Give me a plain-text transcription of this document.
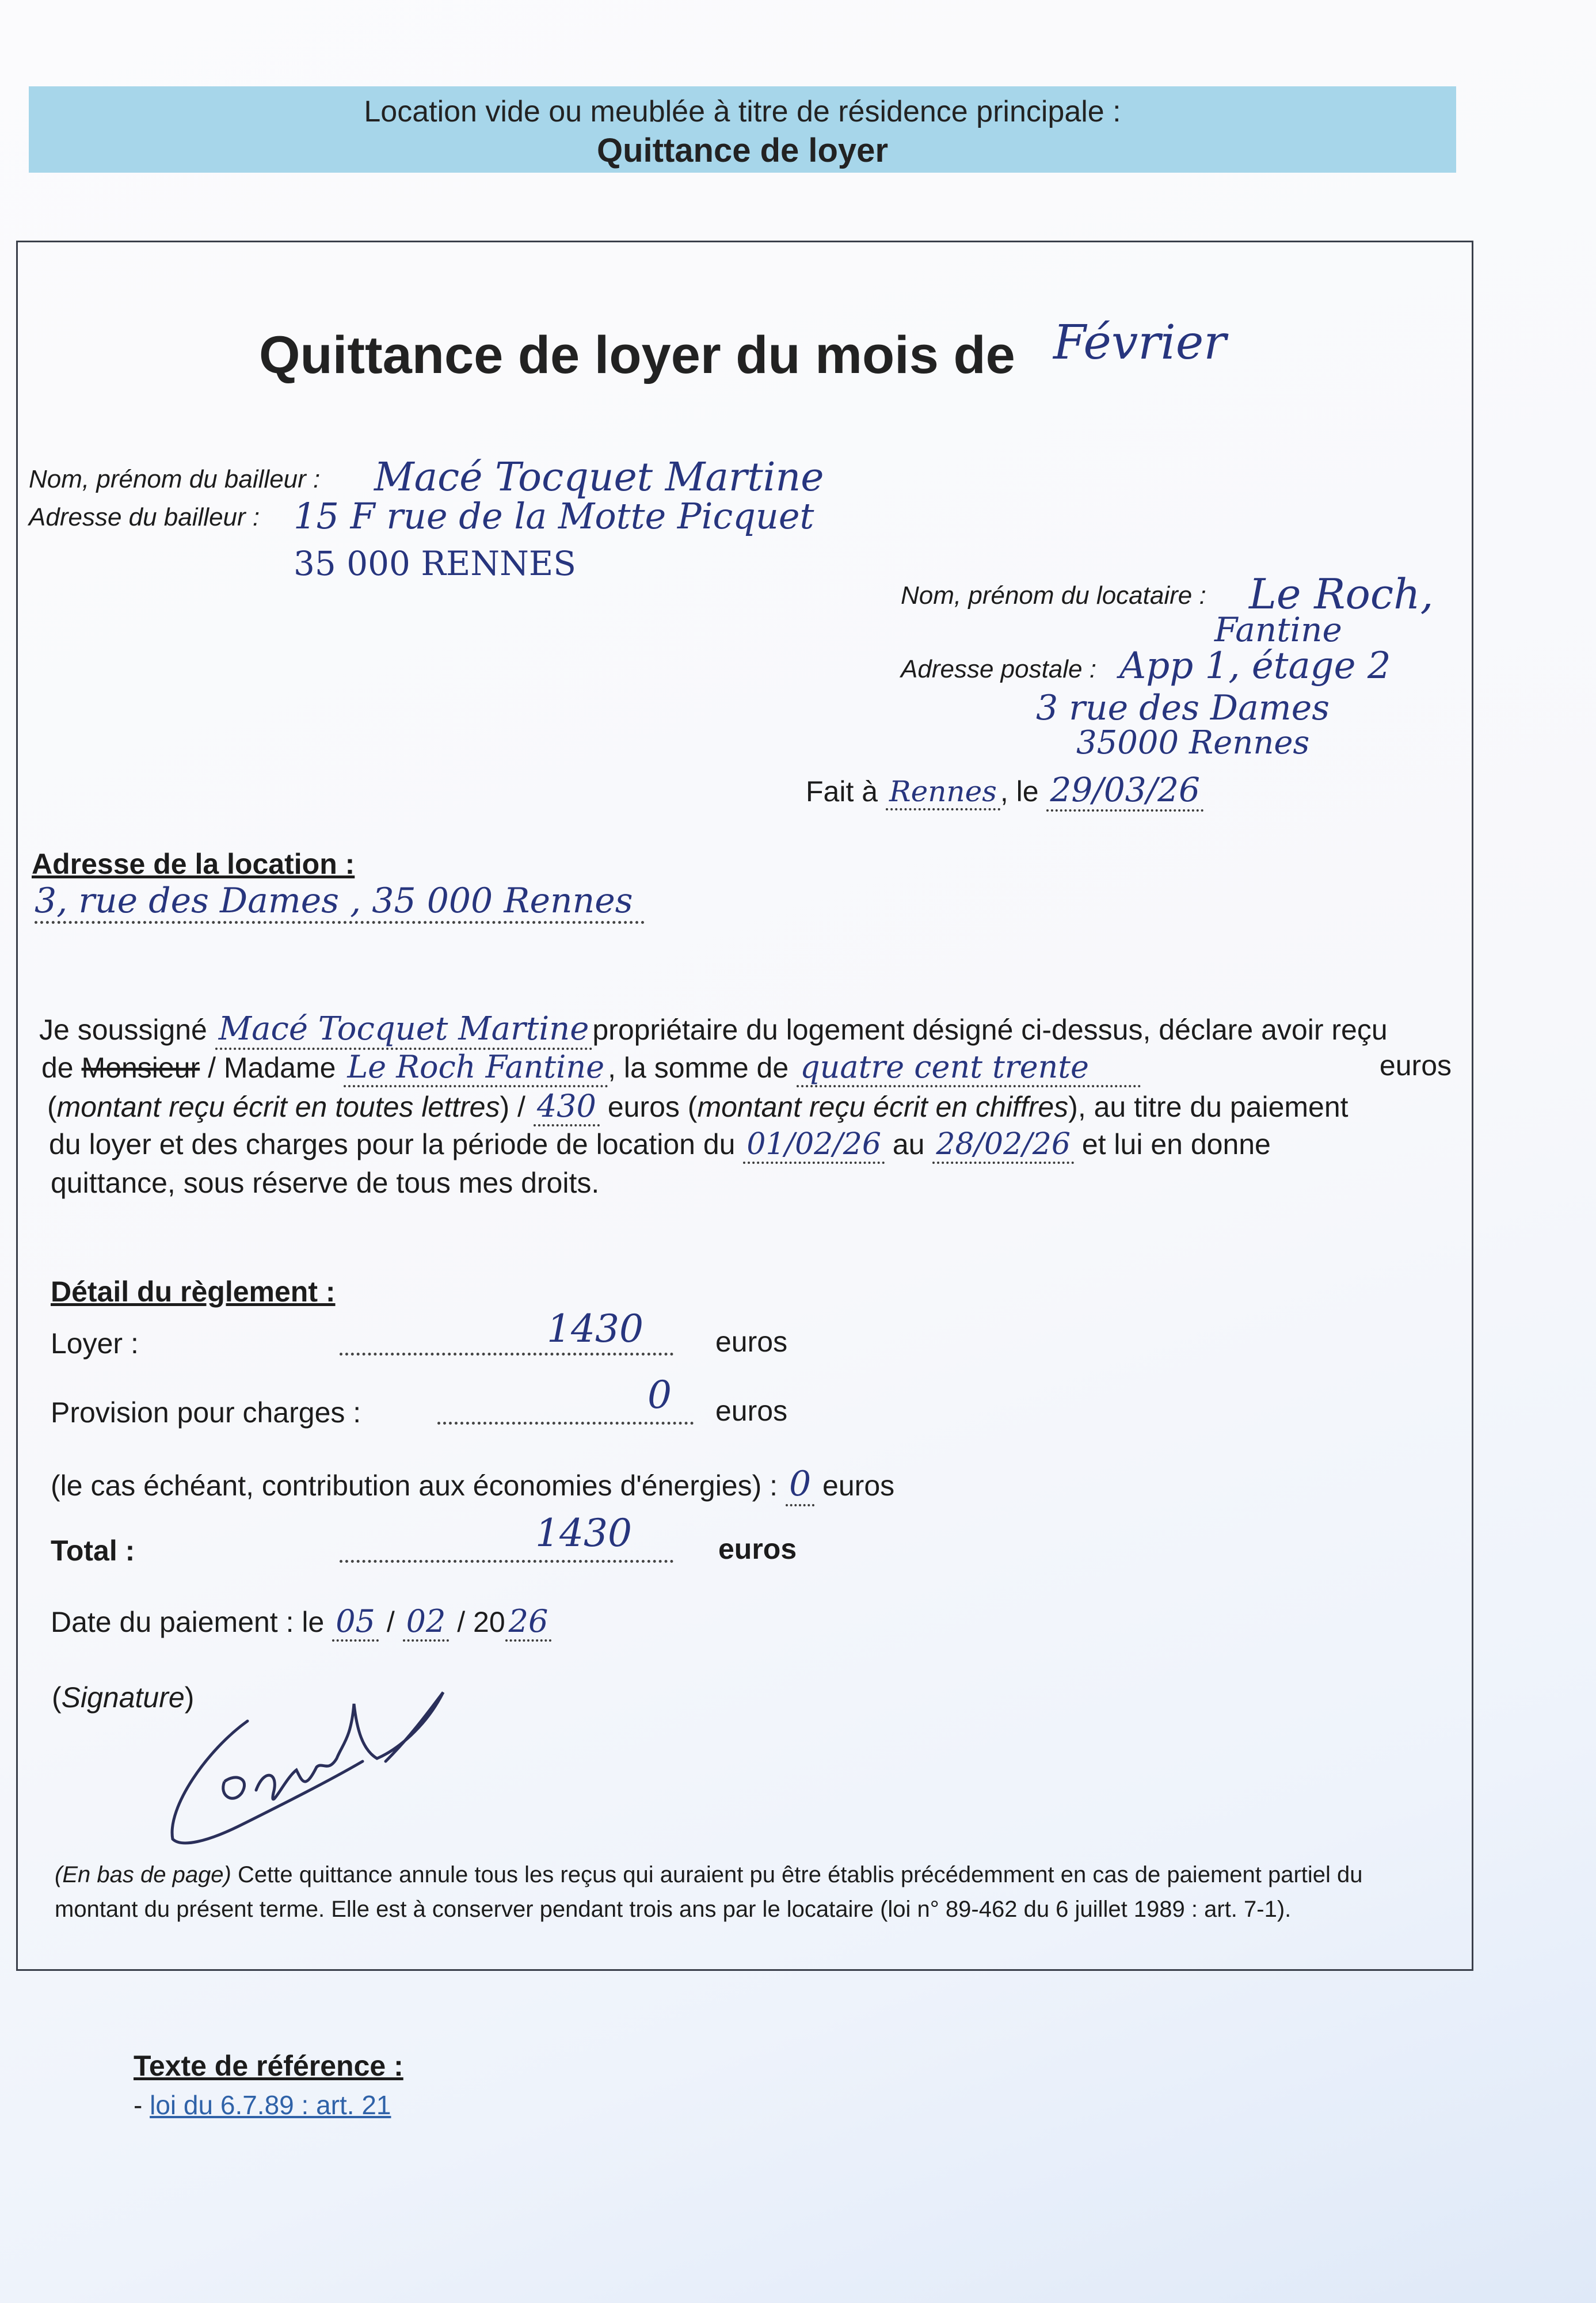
Location vide ou meublée à titre de résidence principale :
Quittance de loyer
Quittance de loyer du mois de Février
Nom, prénom du bailleur : Macé Tocquet Martine
Adresse du bailleur : 15 F rue de la Motte Picquet
35 000 RENNES
Nom, prénom du locataire : Le Roch,
Fantine
Adresse postale : App 1, étage 2
3 rue des Dames
35000 Rennes
Fait à Rennes , le 29/03/26
Adresse de la location :
3, rue des Dames , 35 000 Rennes
Je soussigné Macé Tocquet Martine propriétaire du logement désigné ci-dessus, déclare avoir reçu
de Monsieur / Madame Le Roch Fantine , la somme de quatre cent trente	euros
(montant reçu écrit en toutes lettres) / 430 euros (montant reçu écrit en chiffres), au titre du paiement
du loyer et des charges pour la période de location du 01/02/26 au 28/02/26 et lui en donne
quittance, sous réserve de tous mes droits.
Détail du règlement :
Loyer :	1430	euros
Provision pour charges :	0 euros
(le cas échéant, contribution aux économies d'énergies) : 0 euros
Total :	1430	euros
Date du paiement : le 05 / 02 / 20 26
(Signature)
(En bas de page) Cette quittance annule tous les reçus qui auraient pu être établis précédemment en cas de paiement partiel du
montant du présent terme. Elle est à conserver pendant trois ans par le locataire (loi n° 89-462 du 6 juillet 1989 : art. 7-1).
Texte de référence :
- loi du 6.7.89 : art. 21
